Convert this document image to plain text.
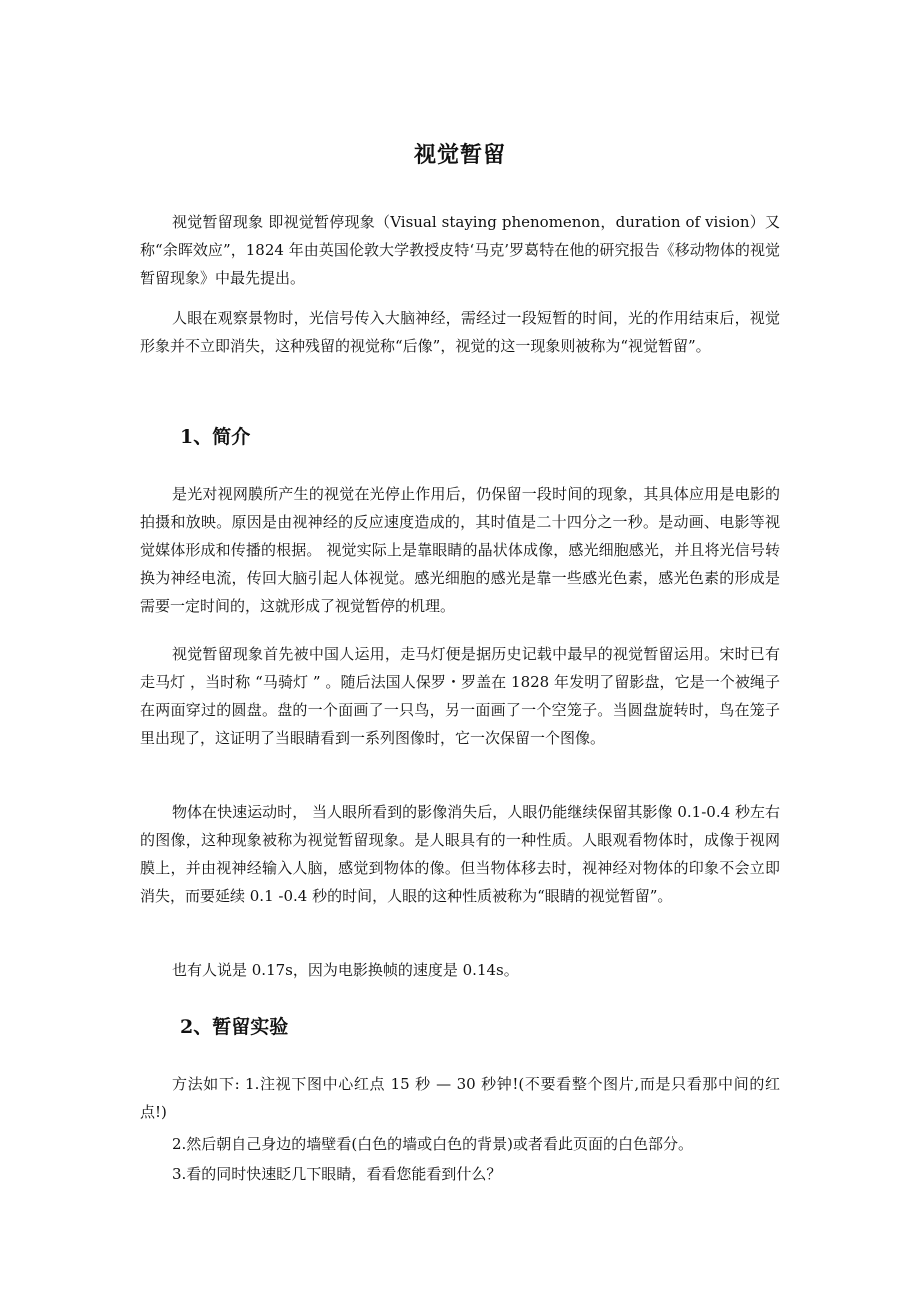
视觉暂留

视觉暂留现象 即视觉暂停现象（Visual staying phenomenon，duration of vision）又称“余晖效应”，1824 年由英国伦敦大学教授皮特‘马克’罗葛特在他的研究报告《移动物体的视觉暂留现象》中最先提出。

人眼在观察景物时，光信号传入大脑神经，需经过一段短暂的时间，光的作用结束后，视觉形象并不立即消失，这种残留的视觉称“后像”，视觉的这一现象则被称为“视觉暂留”。

1、简介

是光对视网膜所产生的视觉在光停止作用后，仍保留一段时间的现象，其具体应用是电影的拍摄和放映。原因是由视神经的反应速度造成的，其时值是二十四分之一秒。是动画、电影等视觉媒体形成和传播的根据。 视觉实际上是靠眼睛的晶状体成像，感光细胞感光，并且将光信号转换为神经电流，传回大脑引起人体视觉。感光细胞的感光是靠一些感光色素，感光色素的形成是需要一定时间的，这就形成了视觉暂停的机理。

视觉暂留现象首先被中国人运用，走马灯便是据历史记载中最早的视觉暂留运用。宋时已有走马灯 ，当时称 “马骑灯 ” 。随后法国人保罗・罗盖在 1828 年发明了留影盘，它是一个被绳子在两面穿过的圆盘。盘的一个面画了一只鸟，另一面画了一个空笼子。当圆盘旋转时，鸟在笼子里出现了，这证明了当眼睛看到一系列图像时，它一次保留一个图像。

物体在快速运动时， 当人眼所看到的影像消失后，人眼仍能继续保留其影像 0.1-0.4 秒左右的图像，这种现象被称为视觉暂留现象。是人眼具有的一种性质。人眼观看物体时，成像于视网膜上，并由视神经输入人脑，感觉到物体的像。但当物体移去时，视神经对物体的印象不会立即消失，而要延续 0.1 -0.4 秒的时间，人眼的这种性质被称为“眼睛的视觉暂留”。

也有人说是 0.17s，因为电影换帧的速度是 0.14s。

2、暂留实验

方法如下: 1.注视下图中心红点 15 秒 — 30 秒钟!(不要看整个图片,而是只看那中间的红点!)

2.然后朝自己身边的墙壁看(白色的墙或白色的背景)或者看此页面的白色部分。

3.看的同时快速眨几下眼睛，看看您能看到什么？
